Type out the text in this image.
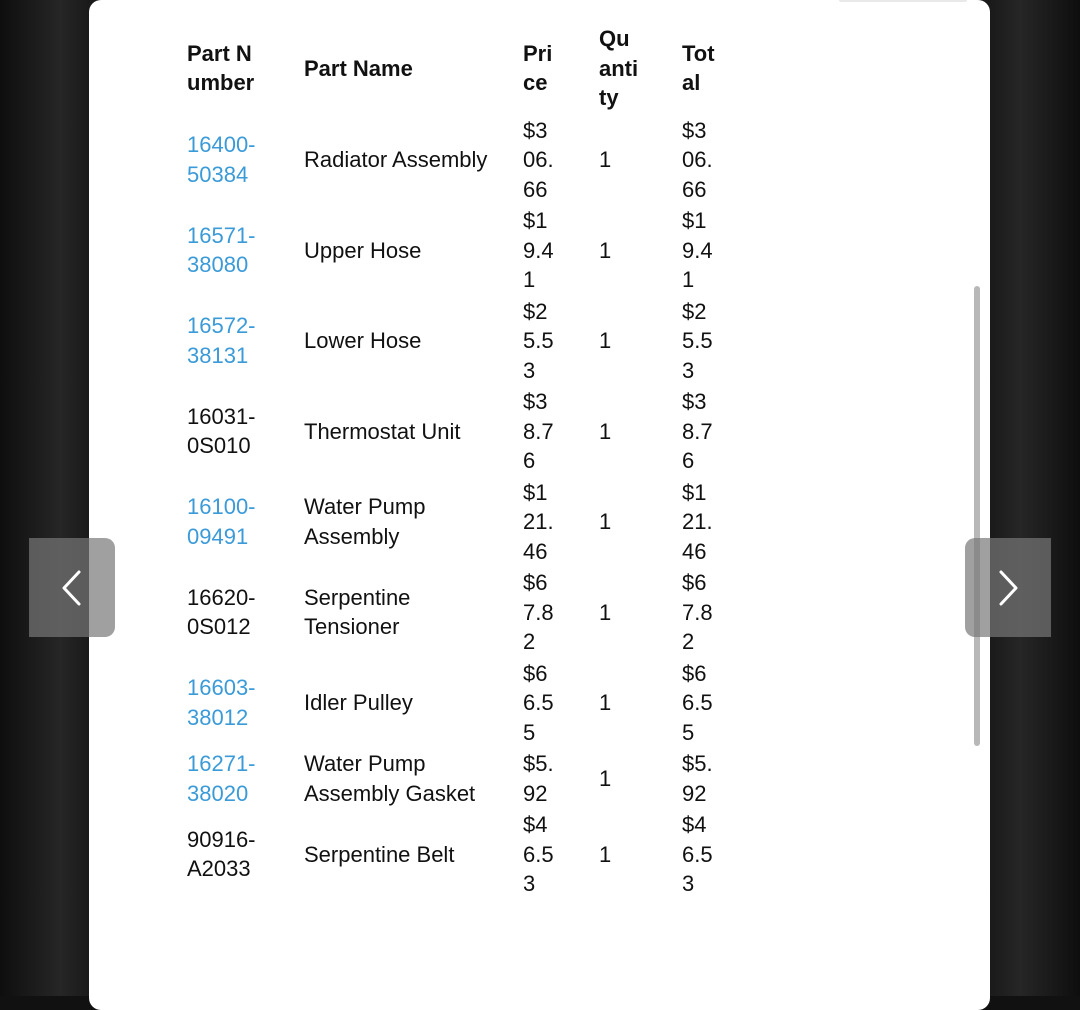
Part Number	Part Name	Price	Quantity	Total
16400-50384	Radiator Assembly	$306.66	1	$306.66
16571-38080	Upper Hose	$19.41	1	$19.41
16572-38131	Lower Hose	$25.53	1	$25.53
16031-0S010	Thermostat Unit	$38.76	1	$38.76
16100-09491	Water Pump Assembly	$121.46	1	$121.46
16620-0S012	Serpentine Tensioner	$67.82	1	$67.82
16603-38012	Idler Pulley	$66.55	1	$66.55
16271-38020	Water Pump Assembly Gasket	$5.92	1	$5.92
90916-A2033	Serpentine Belt	$46.53	1	$46.53
